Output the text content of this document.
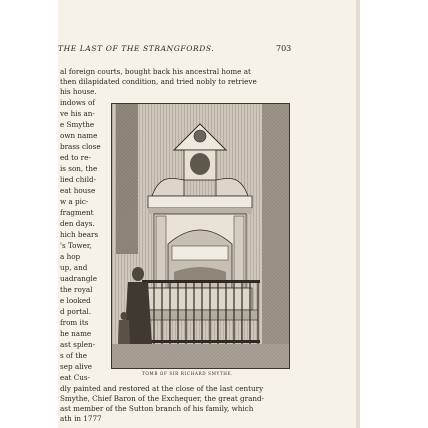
THE LAST OF THE STRANGFORDS.	703
al foreign courts, bought back his ancestral home at
then dilapidated condition, and tried nobly to retrieve
his house.
indows of
ve his an-
e Smythe
own name
brass close
ed to re-
is son, the
lied child-
eat house
w a pic-
fragment
den days.
hich bears
's Tower,
a hop
up, and
uadrangle
the royal
e looked
d portal.
from its
he name
ast splen-
s of the
sep alive
eat Cus-	TOMB OF SIR RICHARD SMYTHE.
dly painted and restored at the close of the last century
Smythe, Chief Baron of the Exchequer, the great grand-
ast member of the Sutton branch of his family, which
ath in 1777
